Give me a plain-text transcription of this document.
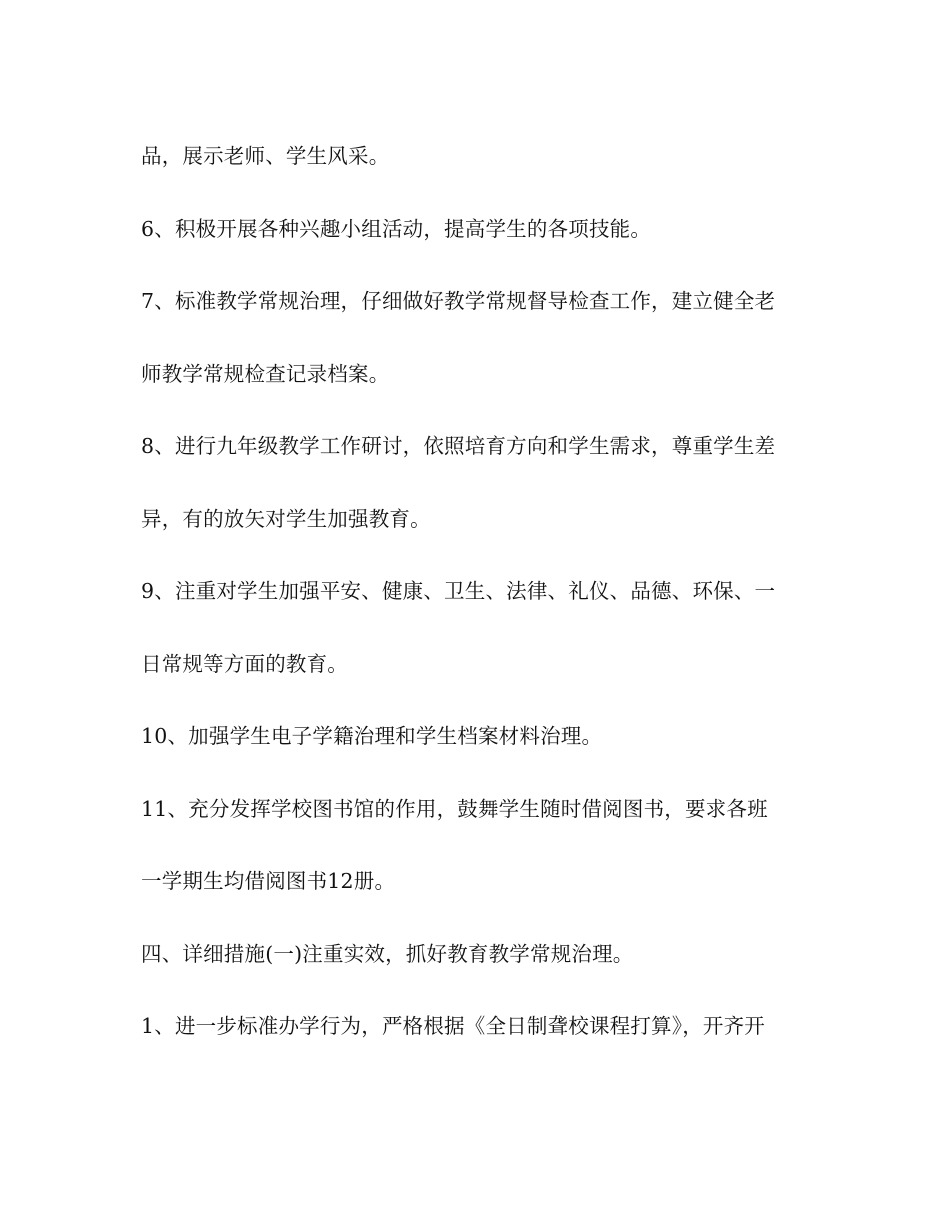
品，展示老师、学生风采。
6、积极开展各种兴趣小组活动，提高学生的各项技能。
7、标准教学常规治理，仔细做好教学常规督导检查工作，建立健全老
师教学常规检查记录档案。
8、进行九年级教学工作研讨，依照培育方向和学生需求，尊重学生差
异，有的放矢对学生加强教育。
9、注重对学生加强平安、健康、卫生、法律、礼仪、品德、环保、一
日常规等方面的教育。
10、加强学生电子学籍治理和学生档案材料治理。
11、充分发挥学校图书馆的作用，鼓舞学生随时借阅图书，要求各班
一学期生均借阅图书12册。
四、详细措施(一)注重实效，抓好教育教学常规治理。
1、进一步标准办学行为，严格根据《全日制聋校课程打算》，开齐开
